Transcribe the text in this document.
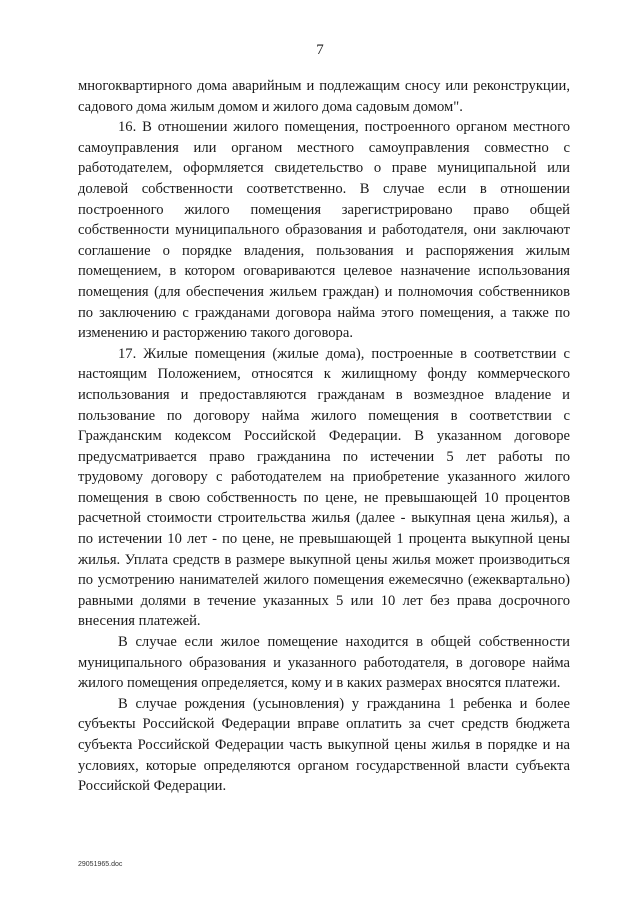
7

многоквартирного дома аварийным и подлежащим сносу или реконструкции, садового дома жилым домом и жилого дома садовым домом".

16. В отношении жилого помещения, построенного органом местного самоуправления или органом местного самоуправления совместно с работодателем, оформляется свидетельство о праве муниципальной или долевой собственности соответственно. В случае если в отношении построенного жилого помещения зарегистрировано право общей собственности муниципального образования и работодателя, они заключают соглашение о порядке владения, пользования и распоряжения жилым помещением, в котором оговариваются целевое назначение использования помещения (для обеспечения жильем граждан) и полномочия собственников по заключению с гражданами договора найма этого помещения, а также по изменению и расторжению такого договора.

17. Жилые помещения (жилые дома), построенные в соответствии с настоящим Положением, относятся к жилищному фонду коммерческого использования и предоставляются гражданам в возмездное владение и пользование по договору найма жилого помещения в соответствии с Гражданским кодексом Российской Федерации. В указанном договоре предусматривается право гражданина по истечении 5 лет работы по трудовому договору с работодателем на приобретение указанного жилого помещения в свою собственность по цене, не превышающей 10 процентов расчетной стоимости строительства жилья (далее - выкупная цена жилья), а по истечении 10 лет - по цене, не превышающей 1 процента выкупной цены жилья. Уплата средств в размере выкупной цены жилья может производиться по усмотрению нанимателей жилого помещения ежемесячно (ежеквартально) равными долями в течение указанных 5 или 10 лет без права досрочного внесения платежей.

В случае если жилое помещение находится в общей собственности муниципального образования и указанного работодателя, в договоре найма жилого помещения определяется, кому и в каких размерах вносятся платежи.

В случае рождения (усыновления) у гражданина 1 ребенка и более субъекты Российской Федерации вправе оплатить за счет средств бюджета субъекта Российской Федерации часть выкупной цены жилья в порядке и на условиях, которые определяются органом государственной власти субъекта Российской Федерации.

29051965.doc
